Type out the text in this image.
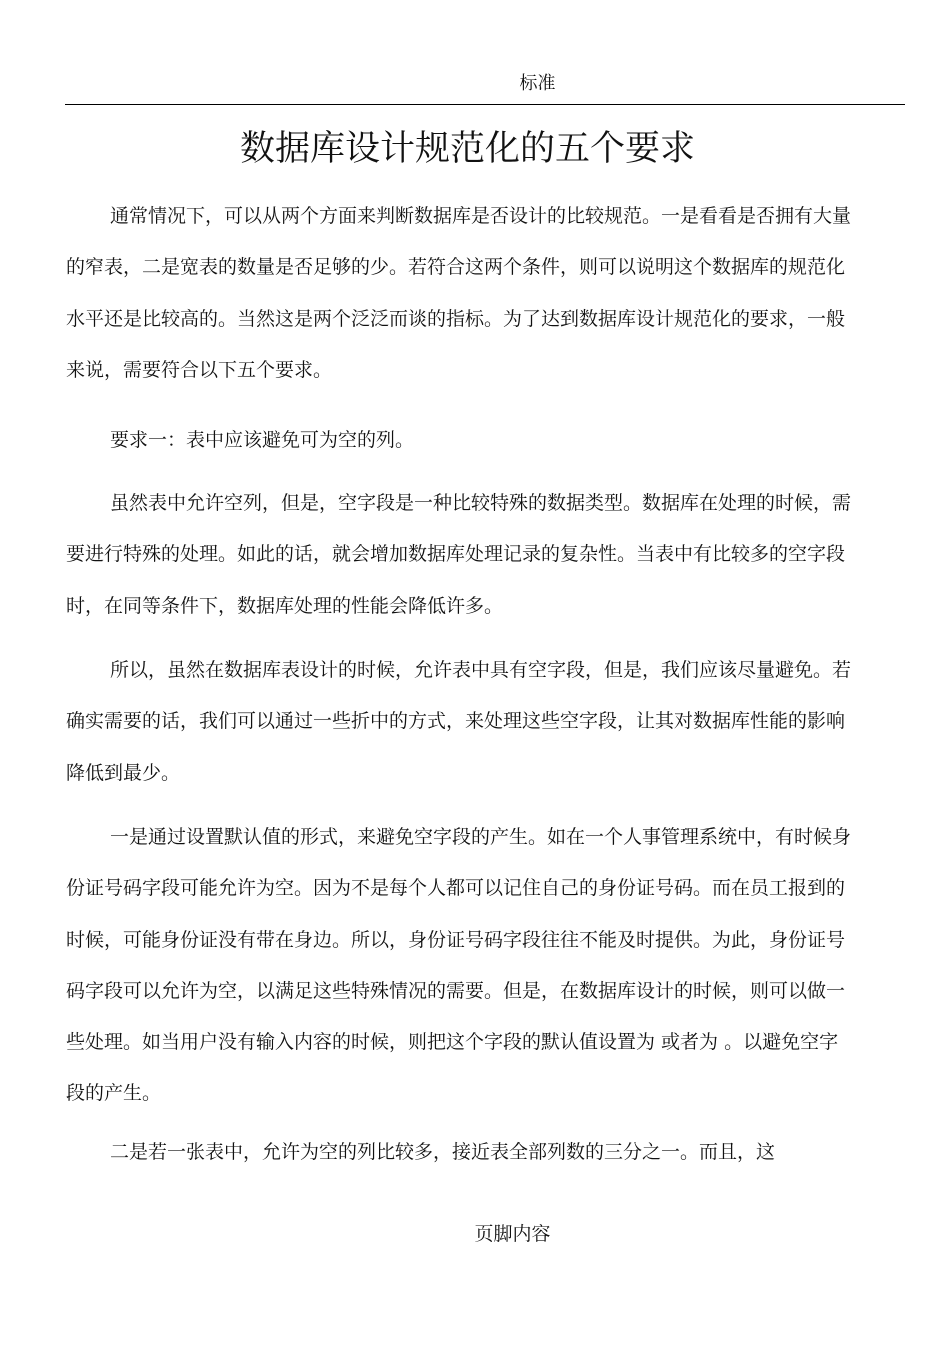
标准
数据库设计规范化的五个要求

通常情况下，可以从两个方面来判断数据库是否设计的比较规范。一是看看是否拥有大量的窄表，二是宽表的数量是否足够的少。若符合这两个条件，则可以说明这个数据库的规范化水平还是比较高的。当然这是两个泛泛而谈的指标。为了达到数据库设计规范化的要求，一般来说，需要符合以下五个要求。

要求一：表中应该避免可为空的列。

虽然表中允许空列，但是，空字段是一种比较特殊的数据类型。数据库在处理的时候，需要进行特殊的处理。如此的话，就会增加数据库处理记录的复杂性。当表中有比较多的空字段时，在同等条件下，数据库处理的性能会降低许多。

所以，虽然在数据库表设计的时候，允许表中具有空字段，但是，我们应该尽量避免。若确实需要的话，我们可以通过一些折中的方式，来处理这些空字段，让其对数据库性能的影响降低到最少。

一是通过设置默认值的形式，来避免空字段的产生。如在一个人事管理系统中，有时候身份证号码字段可能允许为空。因为不是每个人都可以记住自己的身份证号码。而在员工报到的时候，可能身份证没有带在身边。所以，身份证号码字段往往不能及时提供。为此，身份证号码字段可以允许为空，以满足这些特殊情况的需要。但是，在数据库设计的时候，则可以做一些处理。如当用户没有输入内容的时候，则把这个字段的默认值设置为 或者为 。以避免空字段的产生。

二是若一张表中，允许为空的列比较多，接近表全部列数的三分之一。而且，这

页脚内容
